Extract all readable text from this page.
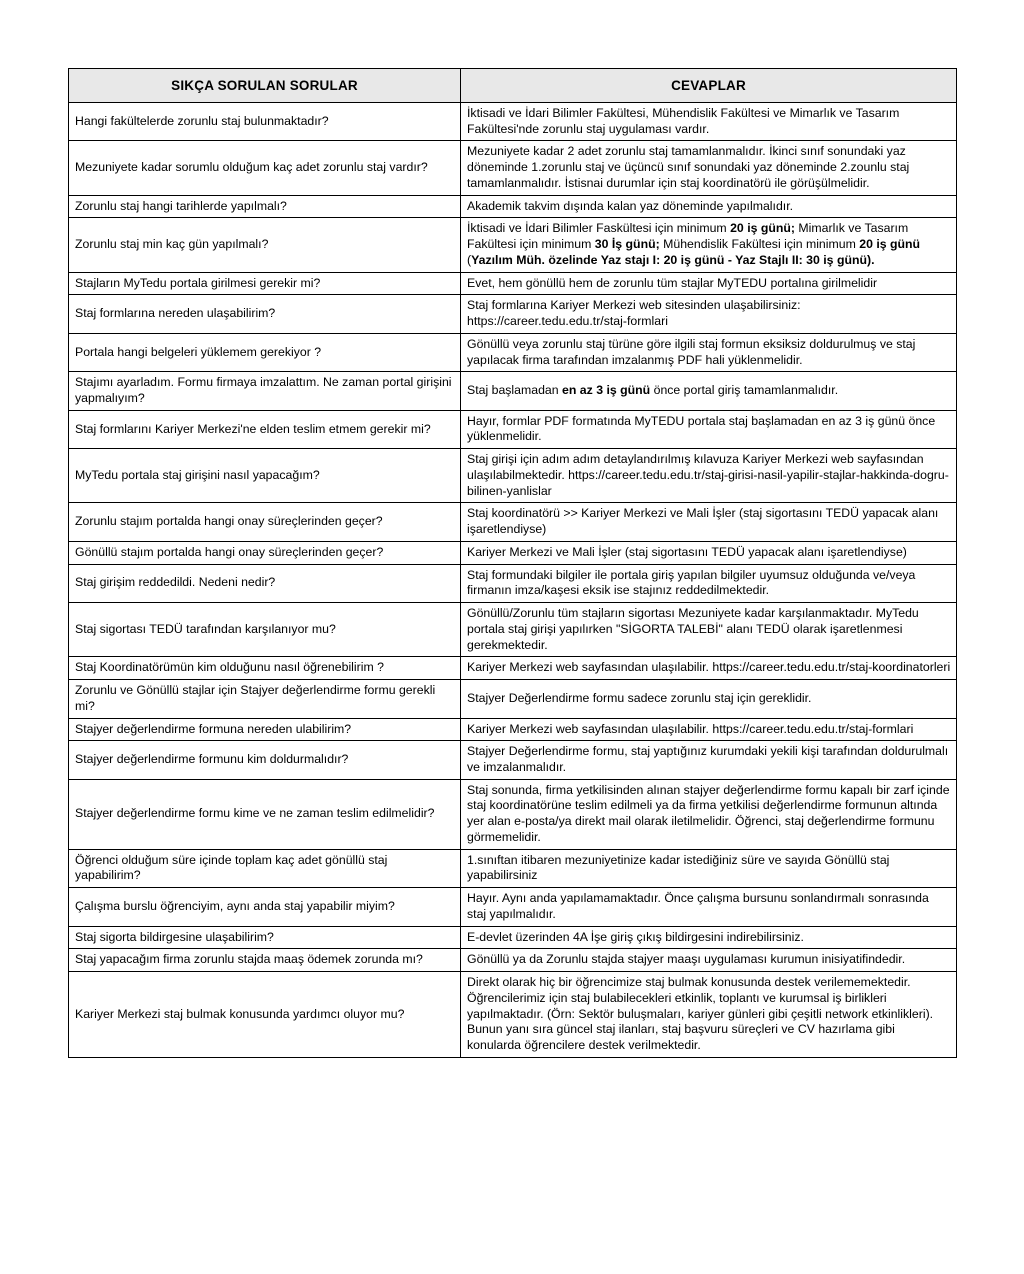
SIKÇA SORULAN SORULAR	CEVAPLAR
Hangi fakültelerde zorunlu staj bulunmaktadır?	İktisadi ve İdari Bilimler Fakültesi, Mühendislik Fakültesi ve Mimarlık ve Tasarım Fakültesi'nde zorunlu staj uygulaması vardır.
Mezuniyete kadar sorumlu olduğum kaç adet zorunlu staj vardır?	Mezuniyete kadar 2 adet zorunlu staj tamamlanmalıdır. İkinci sınıf sonundaki yaz döneminde 1.zorunlu staj ve üçüncü sınıf sonundaki yaz döneminde 2.zounlu staj tamamlanmalıdır. İstisnai durumlar için staj koordinatörü ile görüşülmelidir.
Zorunlu staj hangi tarihlerde yapılmalı?	Akademik takvim dışında kalan yaz döneminde yapılmalıdır.
Zorunlu staj min kaç gün yapılmalı?	İktisadi ve İdari Bilimler Faskültesi için minimum 20 iş günü; Mimarlık ve Tasarım Fakültesi için minimum 30 İş günü; Mühendislik Fakültesi için minimum 20 iş günü (Yazılım Müh. özelinde Yaz stajı I: 20 iş günü - Yaz Stajlı II: 30 iş günü).
Stajların MyTedu portala girilmesi gerekir mi?	Evet, hem gönüllü hem de zorunlu tüm stajlar MyTEDU portalına girilmelidir
Staj formlarına nereden ulaşabilirim?	Staj formlarına Kariyer Merkezi web sitesinden ulaşabilirsiniz: https://career.tedu.edu.tr/staj-formlari
Portala hangi belgeleri yüklemem gerekiyor ?	Gönüllü veya zorunlu staj türüne göre ilgili staj formun eksiksiz doldurulmuş ve staj yapılacak firma tarafından imzalanmış PDF hali yüklenmelidir.
Stajımı ayarladım. Formu firmaya imzalattım. Ne zaman portal girişini yapmalıyım?	Staj başlamadan en az 3 iş günü önce portal giriş tamamlanmalıdır.
Staj formlarını Kariyer Merkezi'ne elden teslim etmem gerekir mi?	Hayır, formlar PDF formatında MyTEDU portala staj başlamadan en az 3 iş günü önce yüklenmelidir.
MyTedu portala staj girişini nasıl yapacağım?	Staj girişi için adım adım detaylandırılmış kılavuza Kariyer Merkezi web sayfasından ulaşılabilmektedir. https://career.tedu.edu.tr/staj-girisi-nasil-yapilir-stajlar-hakkinda-dogru-bilinen-yanlislar
Zorunlu stajım portalda hangi onay süreçlerinden geçer?	Staj koordinatörü >> Kariyer Merkezi ve Mali İşler (staj sigortasını TEDÜ yapacak alanı işaretlendiyse)
Gönüllü stajım portalda hangi onay süreçlerinden geçer?	Kariyer Merkezi ve Mali İşler (staj sigortasını TEDÜ yapacak alanı işaretlendiyse)
Staj girişim reddedildi. Nedeni nedir?	Staj formundaki bilgiler ile portala giriş yapılan bilgiler uyumsuz olduğunda ve/veya firmanın imza/kaşesi eksik ise stajınız reddedilmektedir.
Staj sigortası TEDÜ tarafından karşılanıyor mu?	Gönüllü/Zorunlu tüm stajların sigortası Mezuniyete kadar karşılanmaktadır. MyTedu portala staj girişi yapılırken "SİGORTA TALEBİ" alanı TEDÜ olarak işaretlenmesi gerekmektedir.
Staj Koordinatörümün kim olduğunu nasıl öğrenebilirim ?	Kariyer Merkezi web sayfasından ulaşılabilir. https://career.tedu.edu.tr/staj-koordinatorleri
Zorunlu ve Gönüllü stajlar için Stajyer değerlendirme formu gerekli mi?	Stajyer Değerlendirme formu sadece zorunlu staj için gereklidir.
Stajyer değerlendirme formuna nereden ulabilirim?	Kariyer Merkezi web sayfasından ulaşılabilir. https://career.tedu.edu.tr/staj-formlari
Stajyer değerlendirme formunu kim doldurmalıdır?	Stajyer Değerlendirme formu, staj yaptığınız kurumdaki yekili kişi tarafından doldurulmalı ve imzalanmalıdır.
Stajyer değerlendirme formu kime ve ne zaman teslim edilmelidir?	Staj sonunda, firma yetkilisinden alınan stajyer değerlendirme formu kapalı bir zarf içinde staj koordinatörüne teslim edilmeli ya da firma yetkilisi değerlendirme formunun altında yer alan e-posta/ya direkt mail olarak iletilmelidir. Öğrenci, staj değerlendirme formunu görmemelidir.
Öğrenci olduğum süre içinde toplam kaç adet gönüllü staj yapabilirim?	1.sınıftan itibaren mezuniyetinize kadar istediğiniz süre ve sayıda Gönüllü staj yapabilirsiniz
Çalışma burslu öğrenciyim, aynı anda staj yapabilir miyim?	Hayır. Aynı anda yapılamamaktadır. Önce çalışma bursunu sonlandırmalı sonrasında staj yapılmalıdır.
Staj sigorta bildirgesine ulaşabilirim?	E-devlet üzerinden 4A İşe giriş çıkış bildirgesini indirebilirsiniz.
Staj yapacağım firma zorunlu stajda maaş ödemek zorunda mı?	Gönüllü ya da Zorunlu stajda stajyer maaşı uygulaması kurumun inisiyatifindedir.
Kariyer Merkezi staj bulmak konusunda yardımcı oluyor mu?	Direkt olarak hiç bir öğrencimize staj bulmak konusunda destek verilememektedir. Öğrencilerimiz için staj bulabilecekleri etkinlik, toplantı ve kurumsal iş birlikleri yapılmaktadır. (Örn: Sektör buluşmaları, kariyer günleri gibi çeşitli network etkinlikleri). Bunun yanı sıra güncel staj ilanları, staj başvuru süreçleri ve CV hazırlama gibi konularda öğrencilere destek verilmektedir.
